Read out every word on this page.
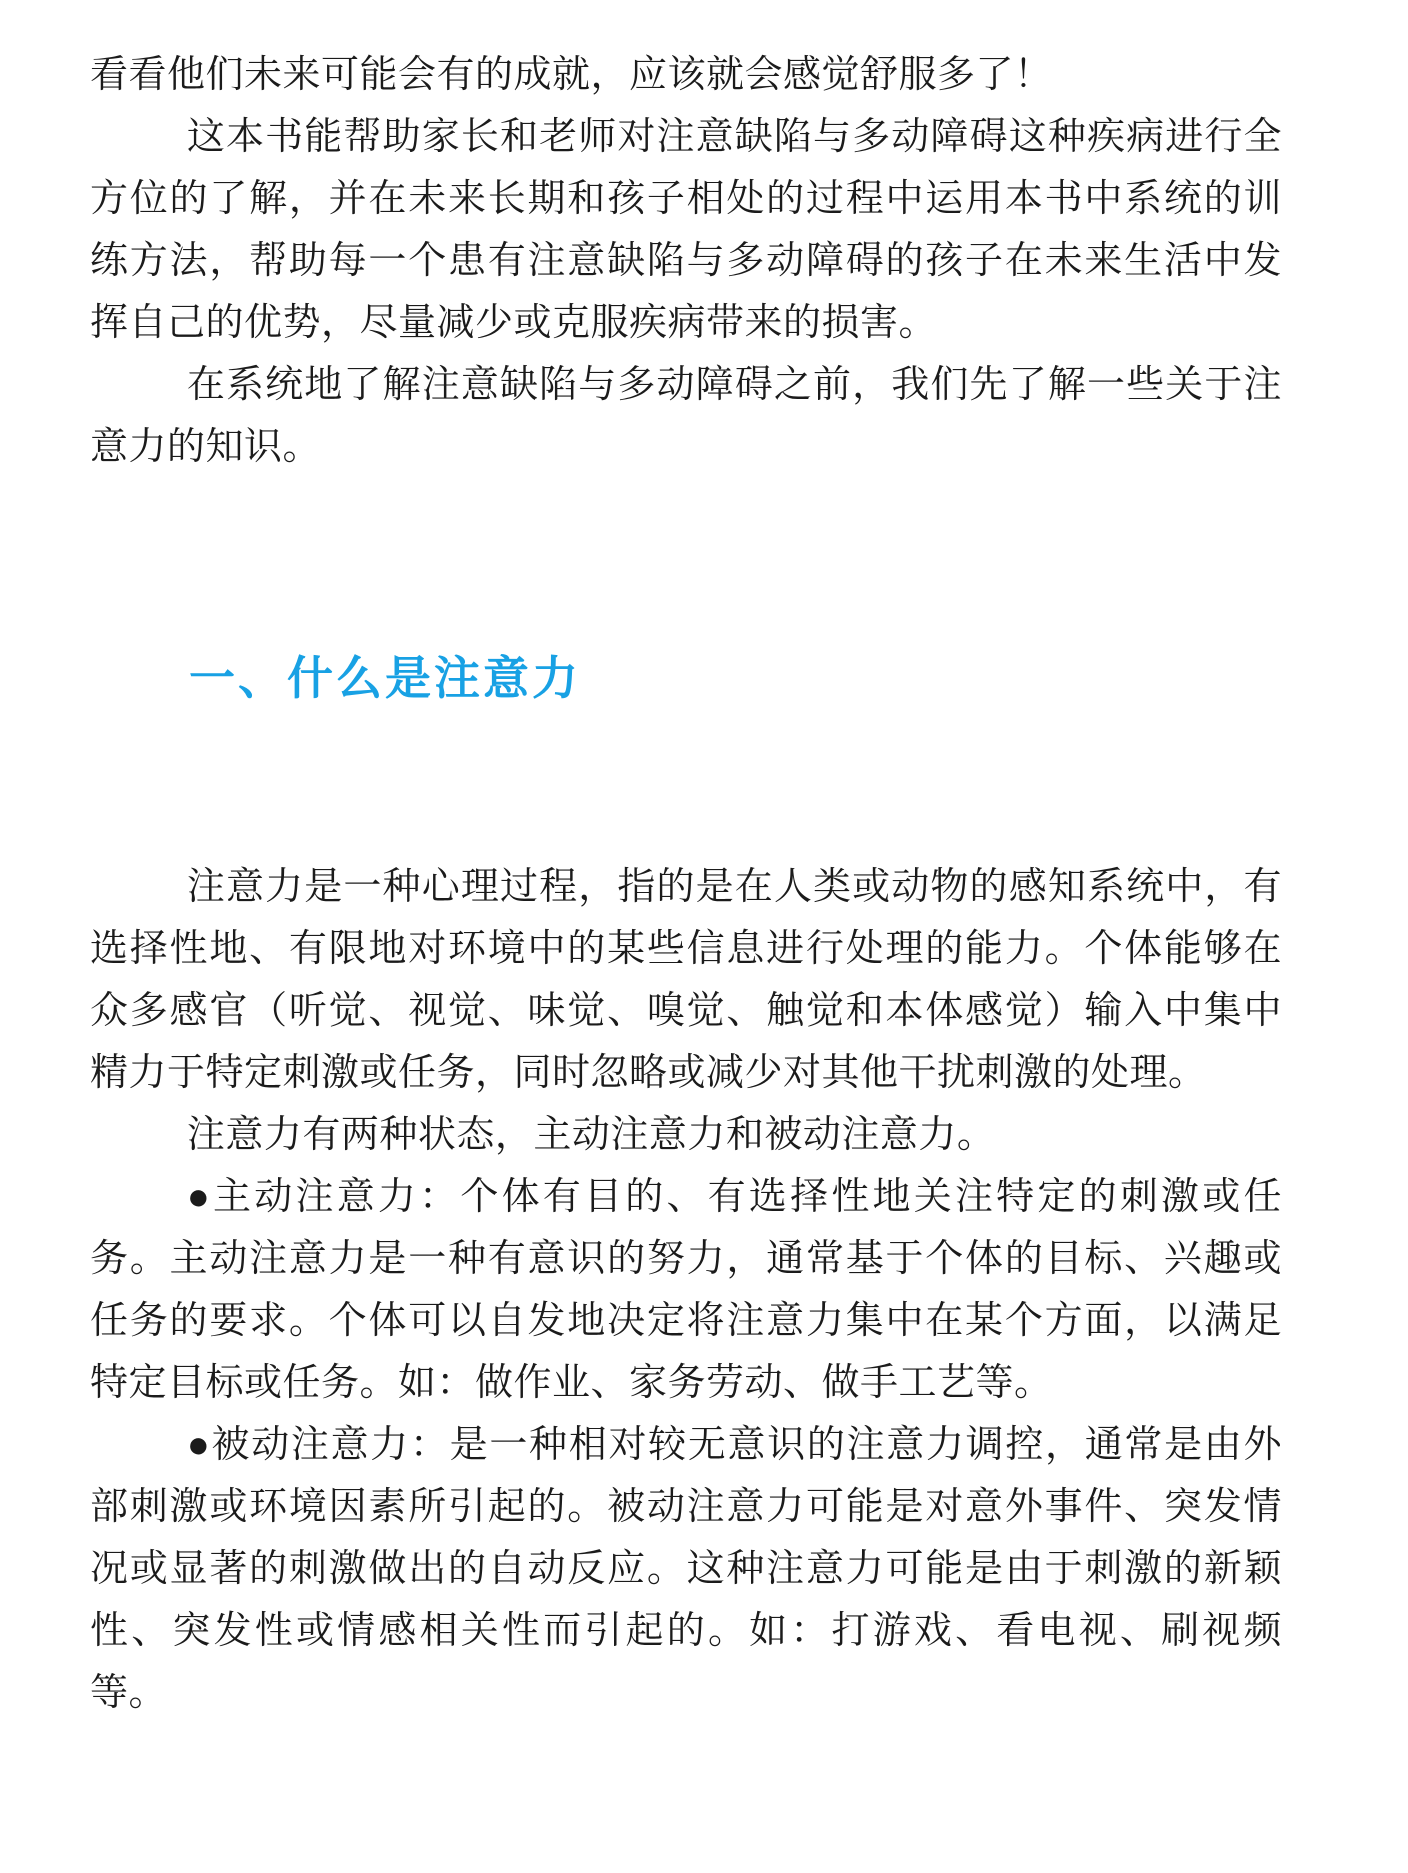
看看他们未来可能会有的成就，应该就会感觉舒服多了！

这本书能帮助家长和老师对注意缺陷与多动障碍这种疾病进行全方位的了解，并在未来长期和孩子相处的过程中运用本书中系统的训练方法，帮助每一个患有注意缺陷与多动障碍的孩子在未来生活中发挥自己的优势，尽量减少或克服疾病带来的损害。

在系统地了解注意缺陷与多动障碍之前，我们先了解一些关于注意力的知识。

一、什么是注意力

注意力是一种心理过程，指的是在人类或动物的感知系统中，有选择性地、有限地对环境中的某些信息进行处理的能力。个体能够在众多感官（听觉、视觉、味觉、嗅觉、触觉和本体感觉）输入中集中精力于特定刺激或任务，同时忽略或减少对其他干扰刺激的处理。

注意力有两种状态，主动注意力和被动注意力。

●主动注意力：个体有目的、有选择性地关注特定的刺激或任务。主动注意力是一种有意识的努力，通常基于个体的目标、兴趣或任务的要求。个体可以自发地决定将注意力集中在某个方面，以满足特定目标或任务。如：做作业、家务劳动、做手工艺等。

●被动注意力：是一种相对较无意识的注意力调控，通常是由外部刺激或环境因素所引起的。被动注意力可能是对意外事件、突发情况或显著的刺激做出的自动反应。这种注意力可能是由于刺激的新颖性、突发性或情感相关性而引起的。如：打游戏、看电视、刷视频等。
